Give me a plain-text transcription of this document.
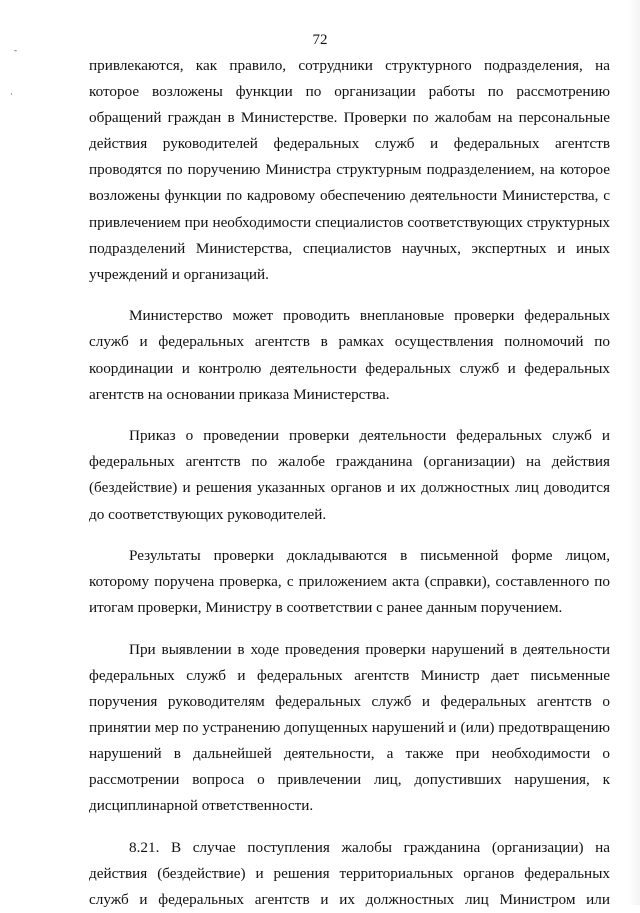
-
·
72

привлекаются, как правило, сотрудники структурного подразделения, на которое возложены функции по организации работы по рассмотрению обращений граждан в Министерстве. Проверки по жалобам на персональные действия руководителей федеральных служб и федеральных агентств проводятся по поручению Министра структурным подразделением, на которое возложены функции по кадровому обеспечению деятельности Министерства, с привлечением при необходимости специалистов соответствующих структурных подразделений Министерства, специалистов научных, экспертных и иных учреждений и организаций.

Министерство может проводить внеплановые проверки федеральных служб и федеральных агентств в рамках осуществления полномочий по координации и контролю деятельности федеральных служб и федеральных агентств на основании приказа Министерства.

Приказ о проведении проверки деятельности федеральных служб и федеральных агентств по жалобе гражданина (организации) на действия (бездействие) и решения указанных органов и их должностных лиц доводится до соответствующих руководителей.

Результаты проверки докладываются в письменной форме лицом, которому поручена проверка, с приложением акта (справки), составленного по итогам проверки, Министру в соответствии с ранее данным поручением.

При выявлении в ходе проведения проверки нарушений в деятельности федеральных служб и федеральных агентств Министр дает письменные поручения руководителям федеральных служб и федеральных агентств о принятии мер по устранению допущенных нарушений и (или) предотвращению нарушений в дальнейшей деятельности, а также при необходимости о рассмотрении вопроса о привлечении лиц, допустивших нарушения, к дисциплинарной ответственности.

8.21. В случае поступления жалобы гражданина (организации) на действия (бездействие) и решения территориальных органов федеральных служб и федеральных агентств и их должностных лиц Министром или
